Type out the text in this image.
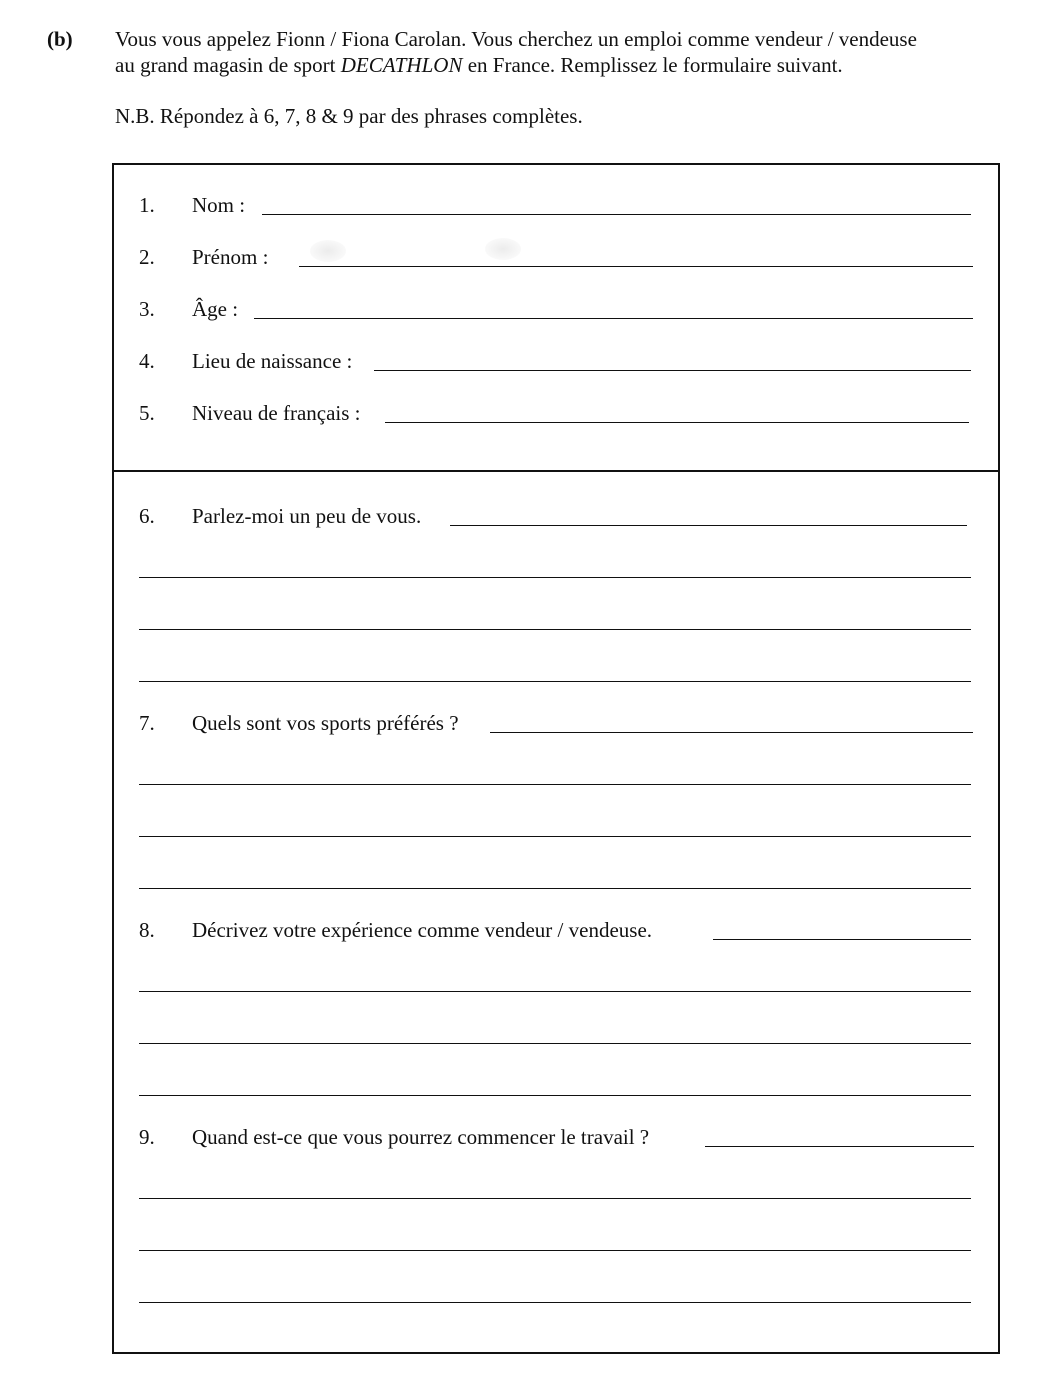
(b) Vous vous appelez Fionn / Fiona Carolan. Vous cherchez un emploi comme vendeur / vendeuse
au grand magasin de sport DECATHLON en France. Remplissez le formulaire suivant.
N.B. Répondez à 6, 7, 8 & 9 par des phrases complètes.
1. Nom :
2. Prénom :
3. Âge :
4. Lieu de naissance :
5. Niveau de français :
6. Parlez-moi un peu de vous.
7. Quels sont vos sports préférés ?
8. Décrivez votre expérience comme vendeur / vendeuse.
9. Quand est-ce que vous pourrez commencer le travail ?
